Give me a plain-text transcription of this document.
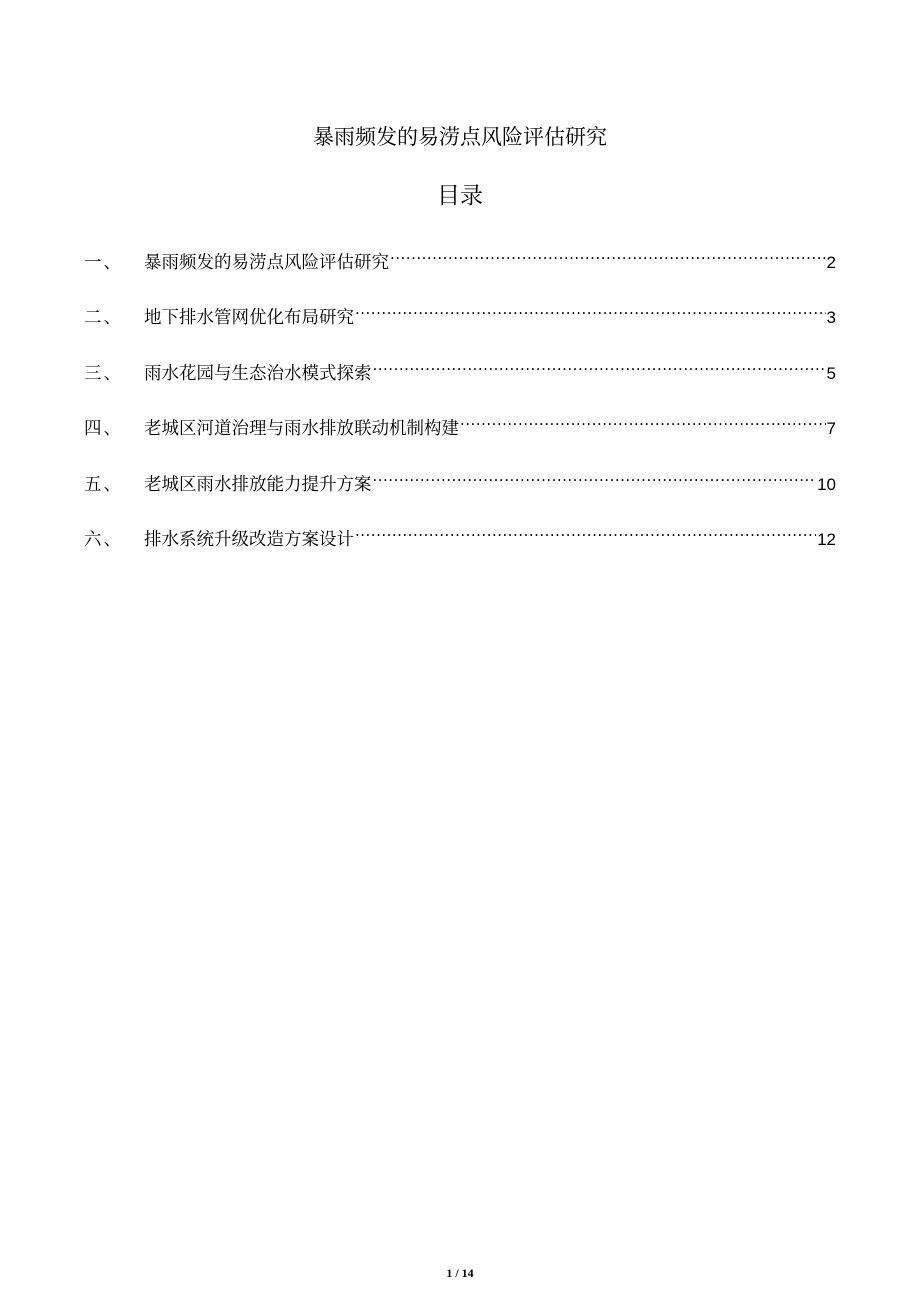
暴雨频发的易涝点风险评估研究
目录
一、	暴雨频发的易涝点风险评估研究 .....	2
二、	地下排水管网优化布局研究 .....	3
三、	雨水花园与生态治水模式探索 .....	5
四、	老城区河道治理与雨水排放联动机制构建 .....	7
五、	老城区雨水排放能力提升方案 .....	10
六、	排水系统升级改造方案设计 .....	12
1 / 14
